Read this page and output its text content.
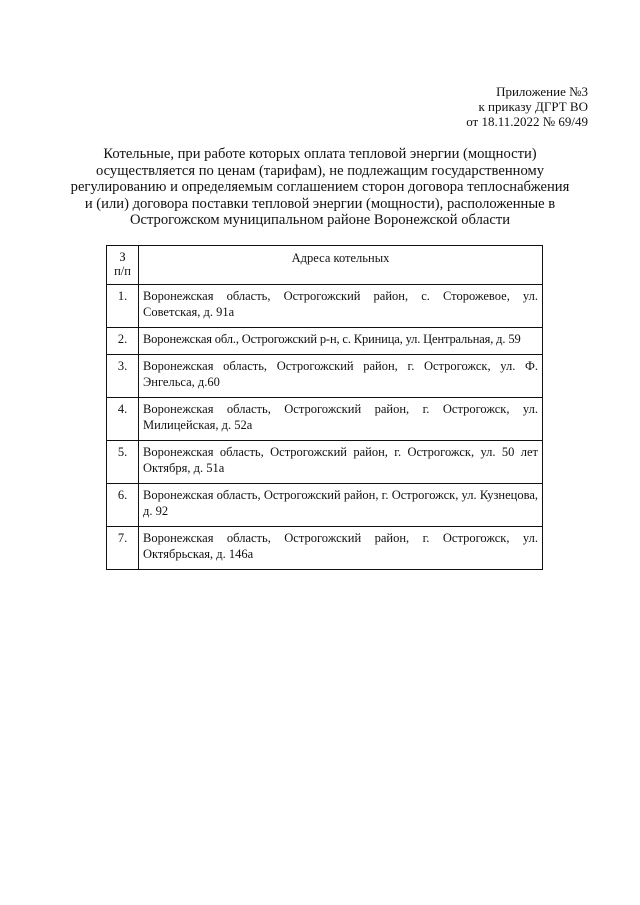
Приложение №3
к приказу ДГРТ ВО
от 18.11.2022 № 69/49
Котельные, при работе которых оплата тепловой энергии (мощности)
осуществляется по ценам (тарифам), не подлежащим государственному
регулированию и определяемым соглашением сторон договора теплоснабжения
и (или) договора поставки тепловой энергии (мощности), расположенные в
Острогожском муниципальном районе Воронежской области
З
п/п	Адреса котельных
1.	Воронежская область, Острогожский район, с. Сторожевое, ул. Советская, д. 91а
2.	Воронежская обл., Острогожский р-н, с. Криница, ул. Центральная, д. 59
3.	Воронежская область, Острогожский район, г. Острогожск, ул. Ф. Энгельса, д.60
4.	Воронежская область, Острогожский район, г. Острогожск, ул. Милицейская, д. 52а
5.	Воронежская область, Острогожский район, г. Острогожск, ул. 50 лет Октября, д. 51а
6.	Воронежская область, Острогожский район, г. Острогожск, ул. Кузнецова, д. 92
7.	Воронежская область, Острогожский район, г. Острогожск, ул. Октябрьская, д. 146а
